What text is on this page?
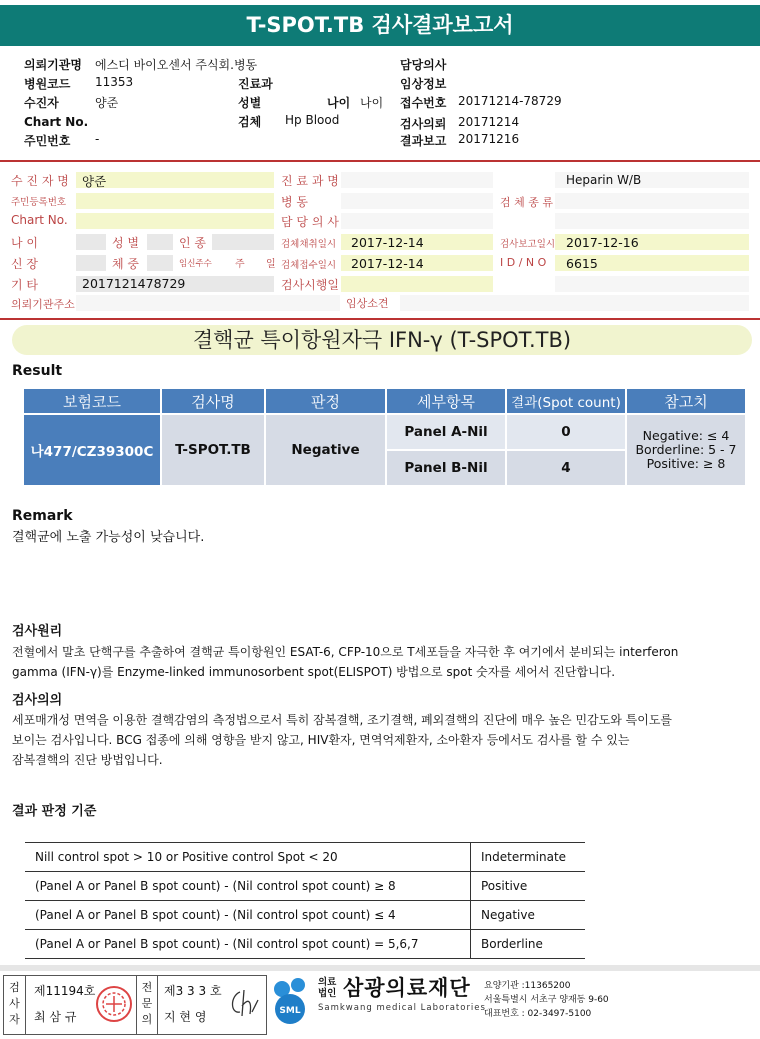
T-SPOT.TB 검사결과보고서
의뢰기관명 에스디 바이오센서 주식회.병동
병원코드 11353
수진자	양준
Chart No.
주민번호 -
진료과
성별	나이 나이
검체 Hp Blood
담당의사
임상정보
접수번호 20171214-78729
검사의뢰 20171214
결과보고 20171216
수 진 자 명 양준	진 료 과 명	Heparin W/B
주민등록번호	병 동	검 체 종 류
Chart No.	담 당 의 사
나 이	성 별	인 종	검체채취일시 2017-12-14	검사보고일시 2017-12-16
신 장	체 중	임신주수 주 일 검체접수일시 2017-12-14	I D / N O 6615
기 타	2017121478729	검사시행일
의뢰기관주소	임상소견
결핵균 특이항원자극 IFN-γ (T-SPOT.TB)
Result
보험코드	검사명	판정	세부항목	결과(Spot count)	참고치
나477/CZ39300C	T-SPOT.TB	Negative	Panel A-Nil	0	Negative: ≤ 4
Borderline: 5 - 7
Positive: ≥ 8

			Panel B-Nil	4	
Remark
결핵균에 노출 가능성이 낮습니다.
검사원리
전혈에서 말초 단핵구를 추출하여 결핵균 특이항원인 ESAT-6, CFP-10으로 T세포들을 자극한 후 여기에서 분비되는 interferon
gamma (IFN-γ)를 Enzyme-linked immunosorbent spot(ELISPOT) 방법으로 spot 숫자를 세어서 진단합니다.
검사의의
세포매개성 면역을 이용한 결핵감염의 측정법으로서 특히 잠복결핵, 조기결핵, 폐외결핵의 진단에 매우 높은 민감도와 특이도를
보이는 검사입니다. BCG 접종에 의해 영향을 받지 않고, HIV환자, 면역억제환자, 소아환자 등에서도 검사를 할 수 있는
잠복결핵의 진단 방법입니다.
결과 판정 기준
Nill control spot > 10 or Positive control Spot < 20	Indeterminate
(Panel A or Panel B spot count) - (Nil control spot count) ≥ 8	Positive
(Panel A or Panel B spot count) - (Nil control spot count) ≤ 4	Negative
(Panel A or Panel B spot count) - (Nil control spot count) = 5,6,7	Borderline
검
사
자
제11194호
최 삼 규
전
문
의
제3 3 3 호
지 현 영	SML
의료
법인 삼광의료재단
Samkwang medical Laboratories
요양기관 :11365200
서울특별시 서초구 양재동 9-60
대표번호 : 02-3497-5100
